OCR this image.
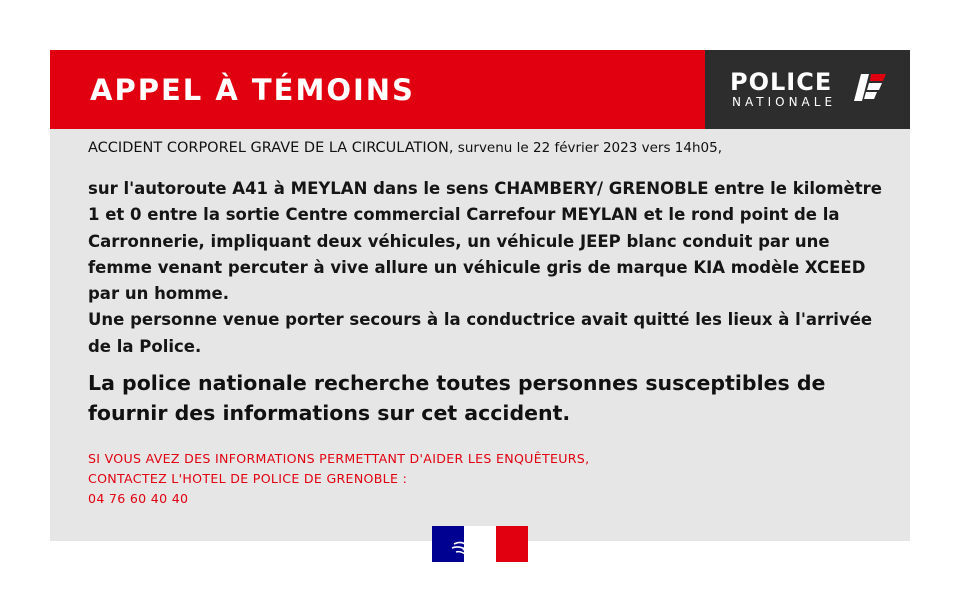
APPEL À TÉMOINS	POLICE
NATIONALE
ACCIDENT CORPOREL GRAVE DE LA CIRCULATION, survenu le 22 février 2023 vers 14h05,

sur l'autoroute A41 à MEYLAN dans le sens CHAMBERY/ GRENOBLE entre le kilomètre 1 et 0 entre la sortie Centre commercial Carrefour MEYLAN et le rond point de la Carronnerie, impliquant deux véhicules, un véhicule JEEP blanc conduit par une femme venant percuter à vive allure un véhicule gris de marque KIA modèle XCEED par un homme.

Une personne venue porter secours à la conductrice avait quitté les lieux à l'arrivée de la Police.

La police nationale recherche toutes personnes susceptibles de fournir des informations sur cet accident.
SI VOUS AVEZ DES INFORMATIONS PERMETTANT D'AIDER LES ENQUÊTEURS,
CONTACTEZ L'HOTEL DE POLICE DE GRENOBLE :
04 76 60 40 40
